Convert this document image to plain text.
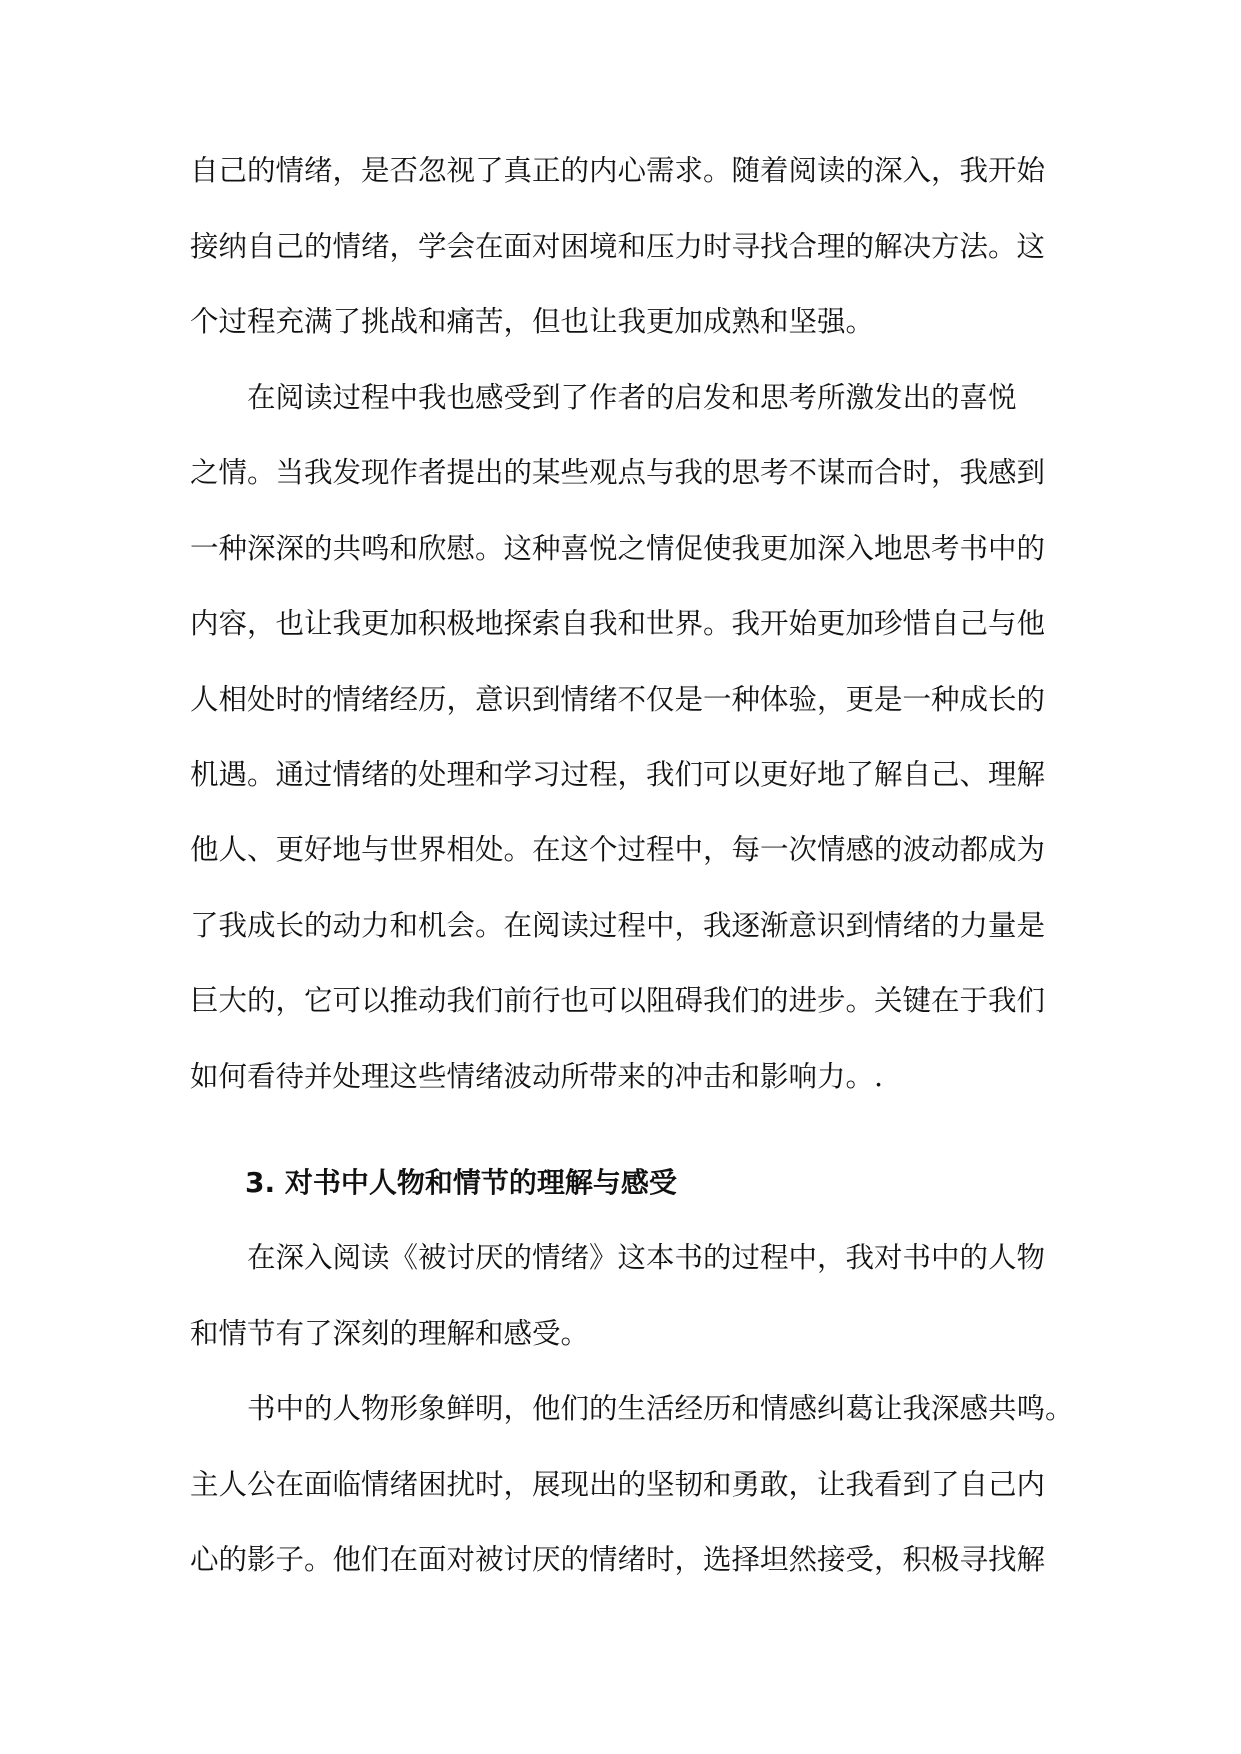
自己的情绪，是否忽视了真正的内心需求。随着阅读的深入，我开始
接纳自己的情绪，学会在面对困境和压力时寻找合理的解决方法。这
个过程充满了挑战和痛苦，但也让我更加成熟和坚强。
在阅读过程中我也感受到了作者的启发和思考所激发出的喜悦
之情。当我发现作者提出的某些观点与我的思考不谋而合时，我感到
一种深深的共鸣和欣慰。这种喜悦之情促使我更加深入地思考书中的
内容，也让我更加积极地探索自我和世界。我开始更加珍惜自己与他
人相处时的情绪经历，意识到情绪不仅是一种体验，更是一种成长的
机遇。通过情绪的处理和学习过程，我们可以更好地了解自己、理解
他人、更好地与世界相处。在这个过程中，每一次情感的波动都成为
了我成长的动力和机会。在阅读过程中，我逐渐意识到情绪的力量是
巨大的，它可以推动我们前行也可以阻碍我们的进步。关键在于我们
如何看待并处理这些情绪波动所带来的冲击和影响力。.
3. 对书中人物和情节的理解与感受
在深入阅读《被讨厌的情绪》这本书的过程中，我对书中的人物
和情节有了深刻的理解和感受。
书中的人物形象鲜明，他们的生活经历和情感纠葛让我深感共鸣。
主人公在面临情绪困扰时，展现出的坚韧和勇敢，让我看到了自己内
心的影子。他们在面对被讨厌的情绪时，选择坦然接受，积极寻找解
